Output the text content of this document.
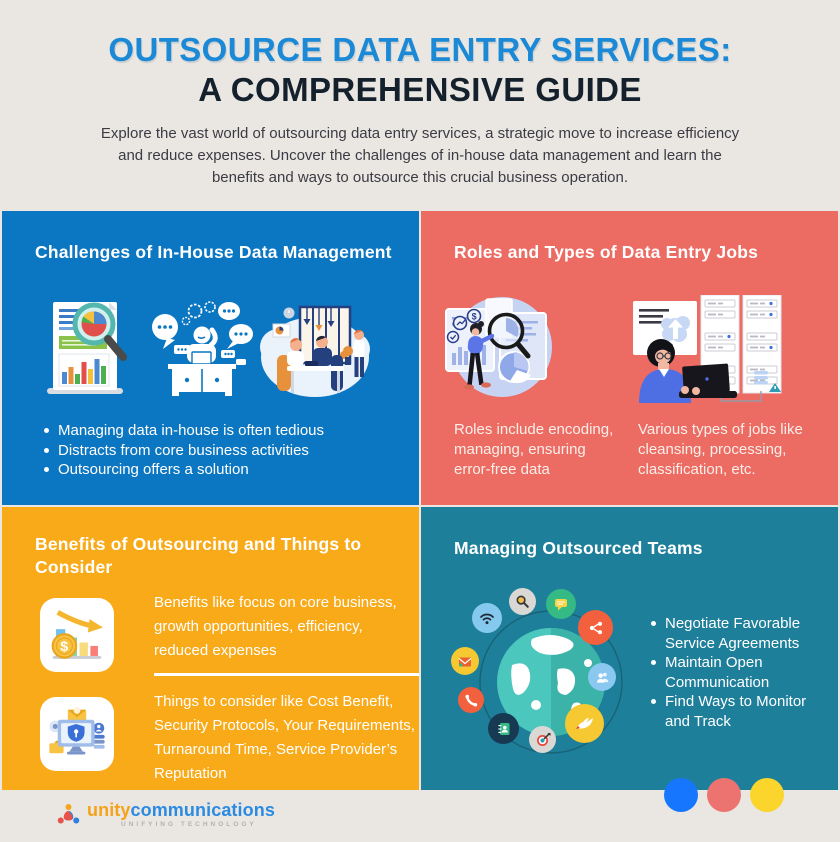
OUTSOURCE DATA ENTRY SERVICES:
A COMPREHENSIVE GUIDE
Explore the vast world of outsourcing data entry services, a strategic move to increase efficiency and reduce expenses. Uncover the challenges of in-house data management and learn the benefits and ways to outsource this crucial business operation.
Challenges of In-House Data Management
Managing data in-house is often tedious
Distracts from core business activities
Outsourcing offers a solution
Roles and Types of Data Entry Jobs
$
Roles include encoding, managing, ensuring error-free data
Various types of jobs like cleansing, processing, classification, etc.
Benefits of Outsourcing and Things to Consider
$
Benefits like focus on core business, growth opportunities, efficiency, reduced expenses
Things to consider like Cost Benefit, Security Protocols, Your Requirements, Turnaround Time, Service Provider’s Reputation
Managing Outsourced Teams
Negotiate Favorable Service Agreements
Maintain Open Communication
Find Ways to Monitor and Track
unitycommunications
UNIFYING TECHNOLOGY
